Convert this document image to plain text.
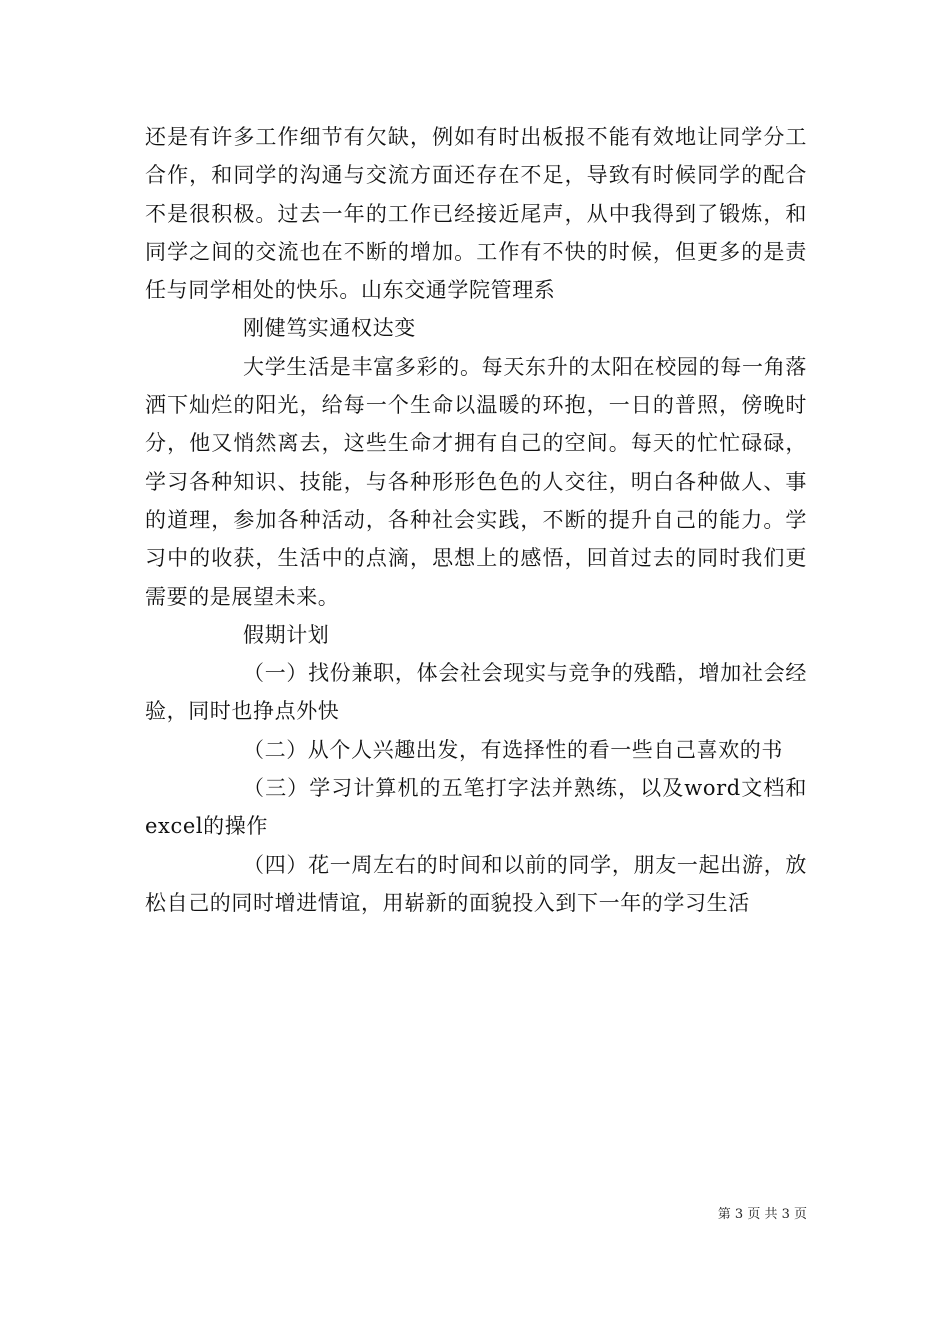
还是有许多工作细节有欠缺，例如有时出板报不能有效地让同学分工合作，和同学的沟通与交流方面还存在不足，导致有时候同学的配合不是很积极。过去一年的工作已经接近尾声，从中我得到了锻炼，和同学之间的交流也在不断的增加。工作有不快的时候，但更多的是责任与同学相处的快乐。山东交通学院管理系

刚健笃实通权达变

大学生活是丰富多彩的。每天东升的太阳在校园的每一角落洒下灿烂的阳光，给每一个生命以温暖的环抱，一日的普照，傍晚时分，他又悄然离去，这些生命才拥有自己的空间。每天的忙忙碌碌，学习各种知识、技能，与各种形形色色的人交往，明白各种做人、事的道理，参加各种活动，各种社会实践，不断的提升自己的能力。学习中的收获，生活中的点滴，思想上的感悟，回首过去的同时我们更需要的是展望未来。

假期计划

（一）找份兼职，体会社会现实与竞争的残酷，增加社会经验，同时也挣点外快

（二）从个人兴趣出发，有选择性的看一些自己喜欢的书

（三）学习计算机的五笔打字法并熟练，以及word文档和excel的操作

（四）花一周左右的时间和以前的同学，朋友一起出游，放松自己的同时增进情谊，用崭新的面貌投入到下一年的学习生活

第 3 页 共 3 页
